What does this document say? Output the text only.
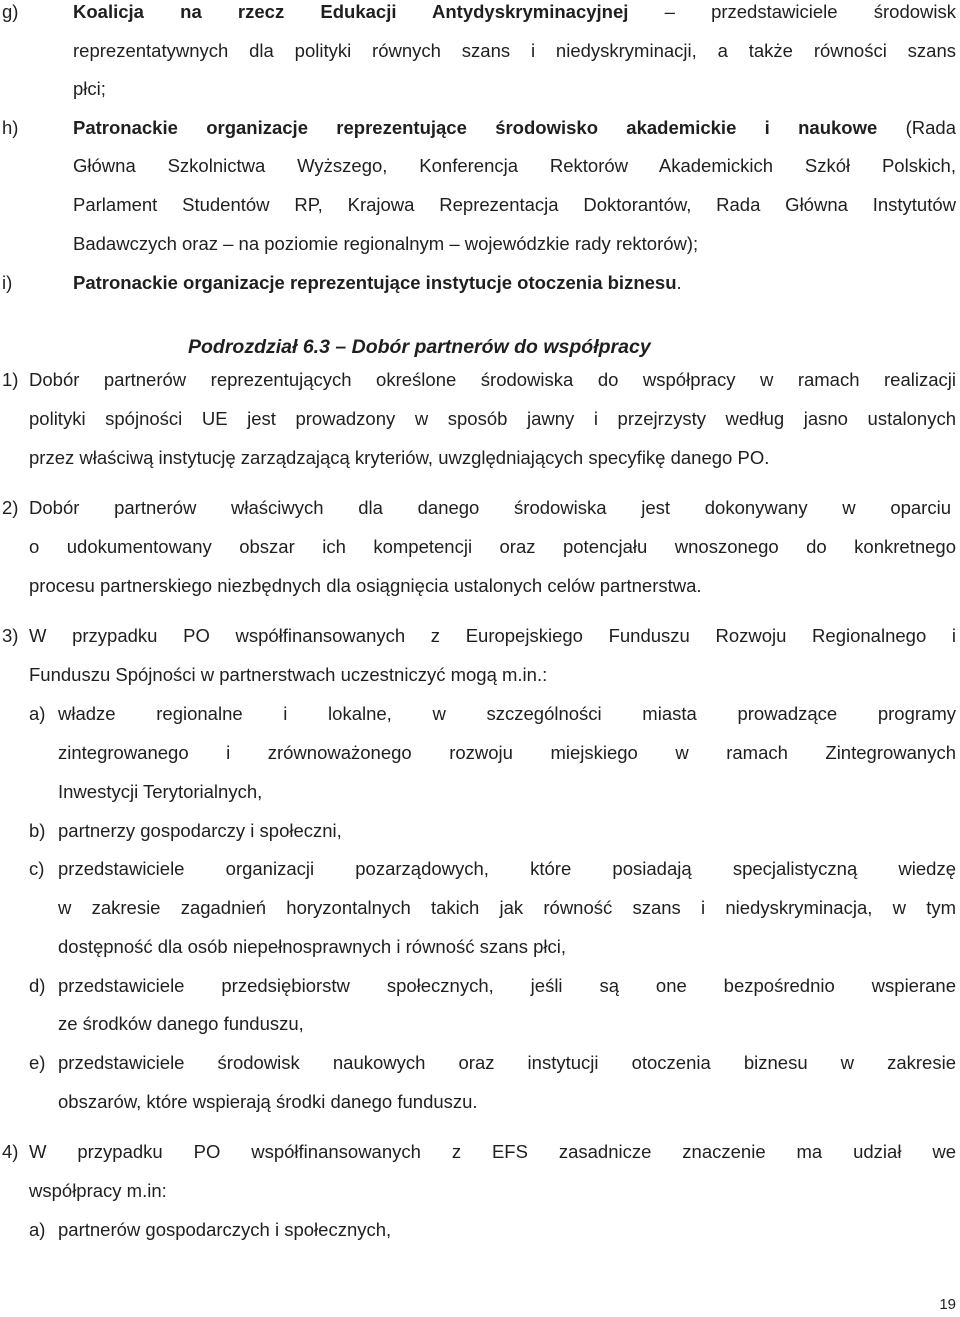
g)	Koalicja na rzecz Edukacji Antydyskryminacyjnej – przedstawiciele środowisk
reprezentatywnych dla polityki równych szans i niedyskryminacji, a także równości szans
płci;
h)	Patronackie organizacje reprezentujące środowisko akademickie i naukowe (Rada
Główna Szkolnictwa Wyższego, Konferencja Rektorów Akademickich Szkół Polskich,
Parlament Studentów RP, Krajowa Reprezentacja Doktorantów, Rada Główna Instytutów
Badawczych oraz – na poziomie regionalnym – wojewódzkie rady rektorów);
i)	Patronackie organizacje reprezentujące instytucje otoczenia biznesu.
Podrozdział 6.3 – Dobór partnerów do współpracy
1) Dobór partnerów reprezentujących określone środowiska do współpracy w ramach realizacji
polityki spójności UE jest prowadzony w sposób jawny i przejrzysty według jasno ustalonych
przez właściwą instytucję zarządzającą kryteriów, uwzględniających specyfikę danego PO.
2) Dobór partnerów właściwych dla danego środowiska jest dokonywany w oparciu
o udokumentowany obszar ich kompetencji oraz potencjału wnoszonego do konkretnego
procesu partnerskiego niezbędnych dla osiągnięcia ustalonych celów partnerstwa.
3) W przypadku PO współfinansowanych z Europejskiego Funduszu Rozwoju Regionalnego i
Funduszu Spójności w partnerstwach uczestniczyć mogą m.in.:
a) władze regionalne i lokalne, w szczególności miasta prowadzące programy
zintegrowanego i zrównoważonego rozwoju miejskiego w ramach Zintegrowanych
Inwestycji Terytorialnych,
b) partnerzy gospodarczy i społeczni,
c) przedstawiciele organizacji pozarządowych, które posiadają specjalistyczną wiedzę
w zakresie zagadnień horyzontalnych takich jak równość szans i niedyskryminacja, w tym
dostępność dla osób niepełnosprawnych i równość szans płci,
d) przedstawiciele przedsiębiorstw społecznych, jeśli są one bezpośrednio wspierane
ze środków danego funduszu,
e) przedstawiciele środowisk naukowych oraz instytucji otoczenia biznesu w zakresie
obszarów, które wspierają środki danego funduszu.
4) W przypadku PO współfinansowanych z EFS zasadnicze znaczenie ma udział we
współpracy m.in:
a) partnerów gospodarczych i społecznych,
19
